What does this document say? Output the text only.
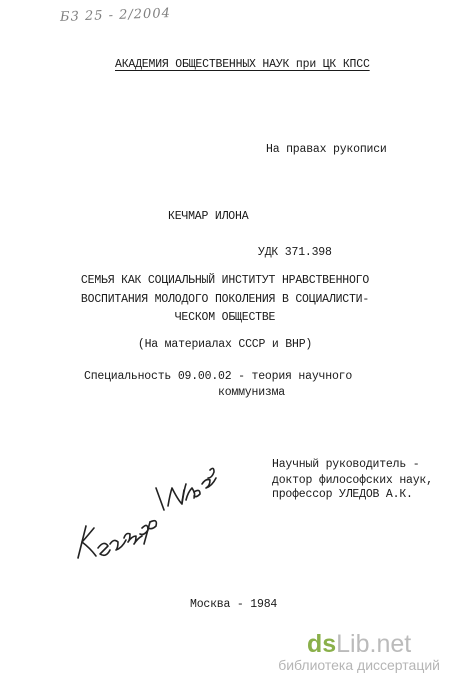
Б3 25 - 2/2004
АКАДЕМИЯ ОБЩЕСТВЕННЫХ НАУК при ЦК КПСС
На правах рукописи
КЕЧМАР ИЛОНА
УДК 371.398
СЕМЬЯ КАК СОЦИАЛЬНЫЙ ИНСТИТУТ НРАВСТВЕННОГО
ВОСПИТАНИЯ МОЛОДОГО ПОКОЛЕНИЯ В СОЦИАЛИСТИ-
ЧЕСКОМ ОБЩЕСТВЕ
(На материалах СССР и ВНР)
Специальность 09.00.02 - теория научного
коммунизма
Научный руководитель -
доктор философских наук,
профессор УЛЕДОВ А.К.
Москва - 1984
dsLib.net
библиотека диссертаций
